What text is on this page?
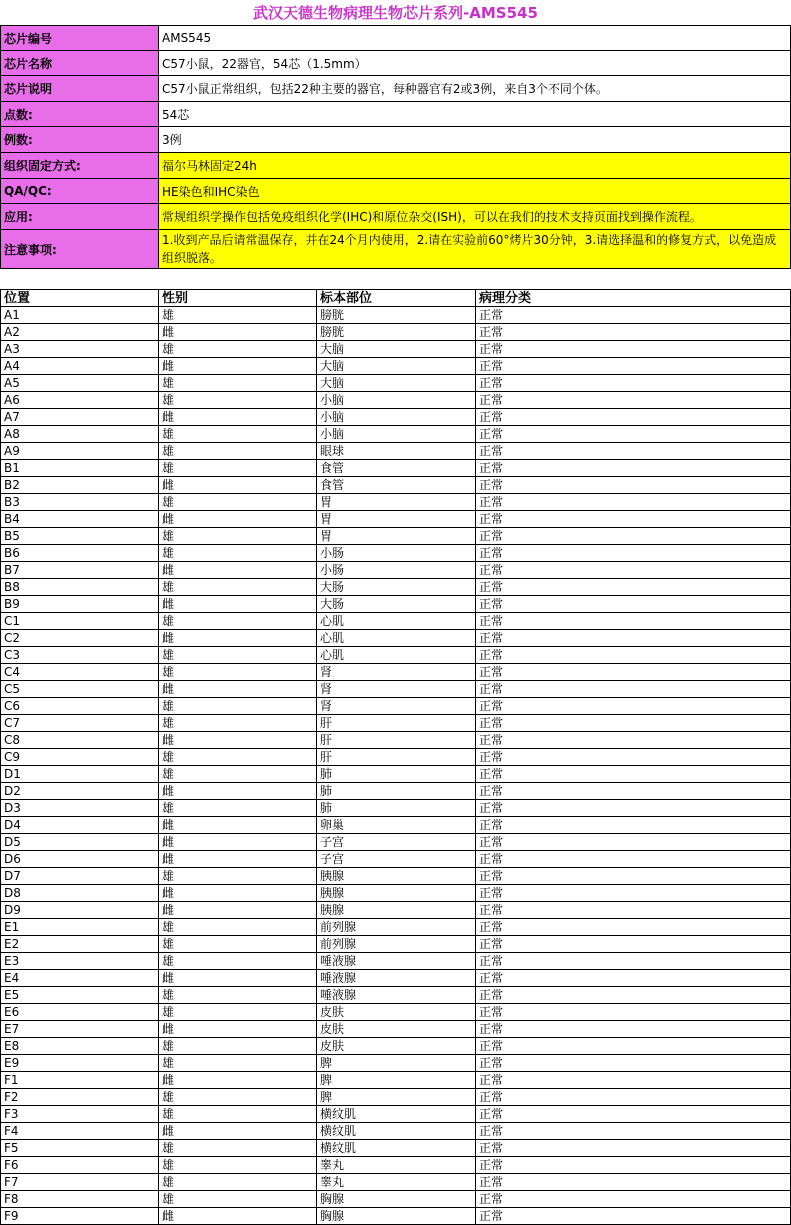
武汉天德生物病理生物芯片系列-AMS545
芯片编号	AMS545
芯片名称	C57小鼠，22器官，54芯（1.5mm）
芯片说明	C57小鼠正常组织，包括22种主要的器官，每种器官有2或3例，来自3个不同个体。
点数:	54芯
例数:	3例
组织固定方式:	福尔马林固定24h
QA/QC:	HE染色和IHC染色
应用:	常规组织学操作包括免疫组织化学(IHC)和原位杂交(ISH)，可以在我们的技术支持页面找到操作流程。
注意事项:	1.收到产品后请常温保存，并在24个月内使用，2.请在实验前60°烤片30分钟，3.请选择温和的修复方式，以免造成组织脱落。
位置	性别	标本部位	病理分类
A1	雄	膀胱	正常
A2	雌	膀胱	正常
A3	雄	大脑	正常
A4	雌	大脑	正常
A5	雄	大脑	正常
A6	雄	小脑	正常
A7	雌	小脑	正常
A8	雄	小脑	正常
A9	雄	眼球	正常
B1	雄	食管	正常
B2	雌	食管	正常
B3	雄	胃	正常
B4	雌	胃	正常
B5	雄	胃	正常
B6	雄	小肠	正常
B7	雌	小肠	正常
B8	雄	大肠	正常
B9	雌	大肠	正常
C1	雄	心肌	正常
C2	雌	心肌	正常
C3	雄	心肌	正常
C4	雄	肾	正常
C5	雌	肾	正常
C6	雄	肾	正常
C7	雄	肝	正常
C8	雌	肝	正常
C9	雄	肝	正常
D1	雄	肺	正常
D2	雌	肺	正常
D3	雄	肺	正常
D4	雌	卵巢	正常
D5	雌	子宫	正常
D6	雌	子宫	正常
D7	雄	胰腺	正常
D8	雌	胰腺	正常
D9	雌	胰腺	正常
E1	雄	前列腺	正常
E2	雄	前列腺	正常
E3	雄	唾液腺	正常
E4	雌	唾液腺	正常
E5	雄	唾液腺	正常
E6	雄	皮肤	正常
E7	雌	皮肤	正常
E8	雄	皮肤	正常
E9	雄	脾	正常
F1	雌	脾	正常
F2	雄	脾	正常
F3	雄	横纹肌	正常
F4	雌	横纹肌	正常
F5	雄	横纹肌	正常
F6	雄	睾丸	正常
F7	雄	睾丸	正常
F8	雄	胸腺	正常
F9	雌	胸腺	正常
